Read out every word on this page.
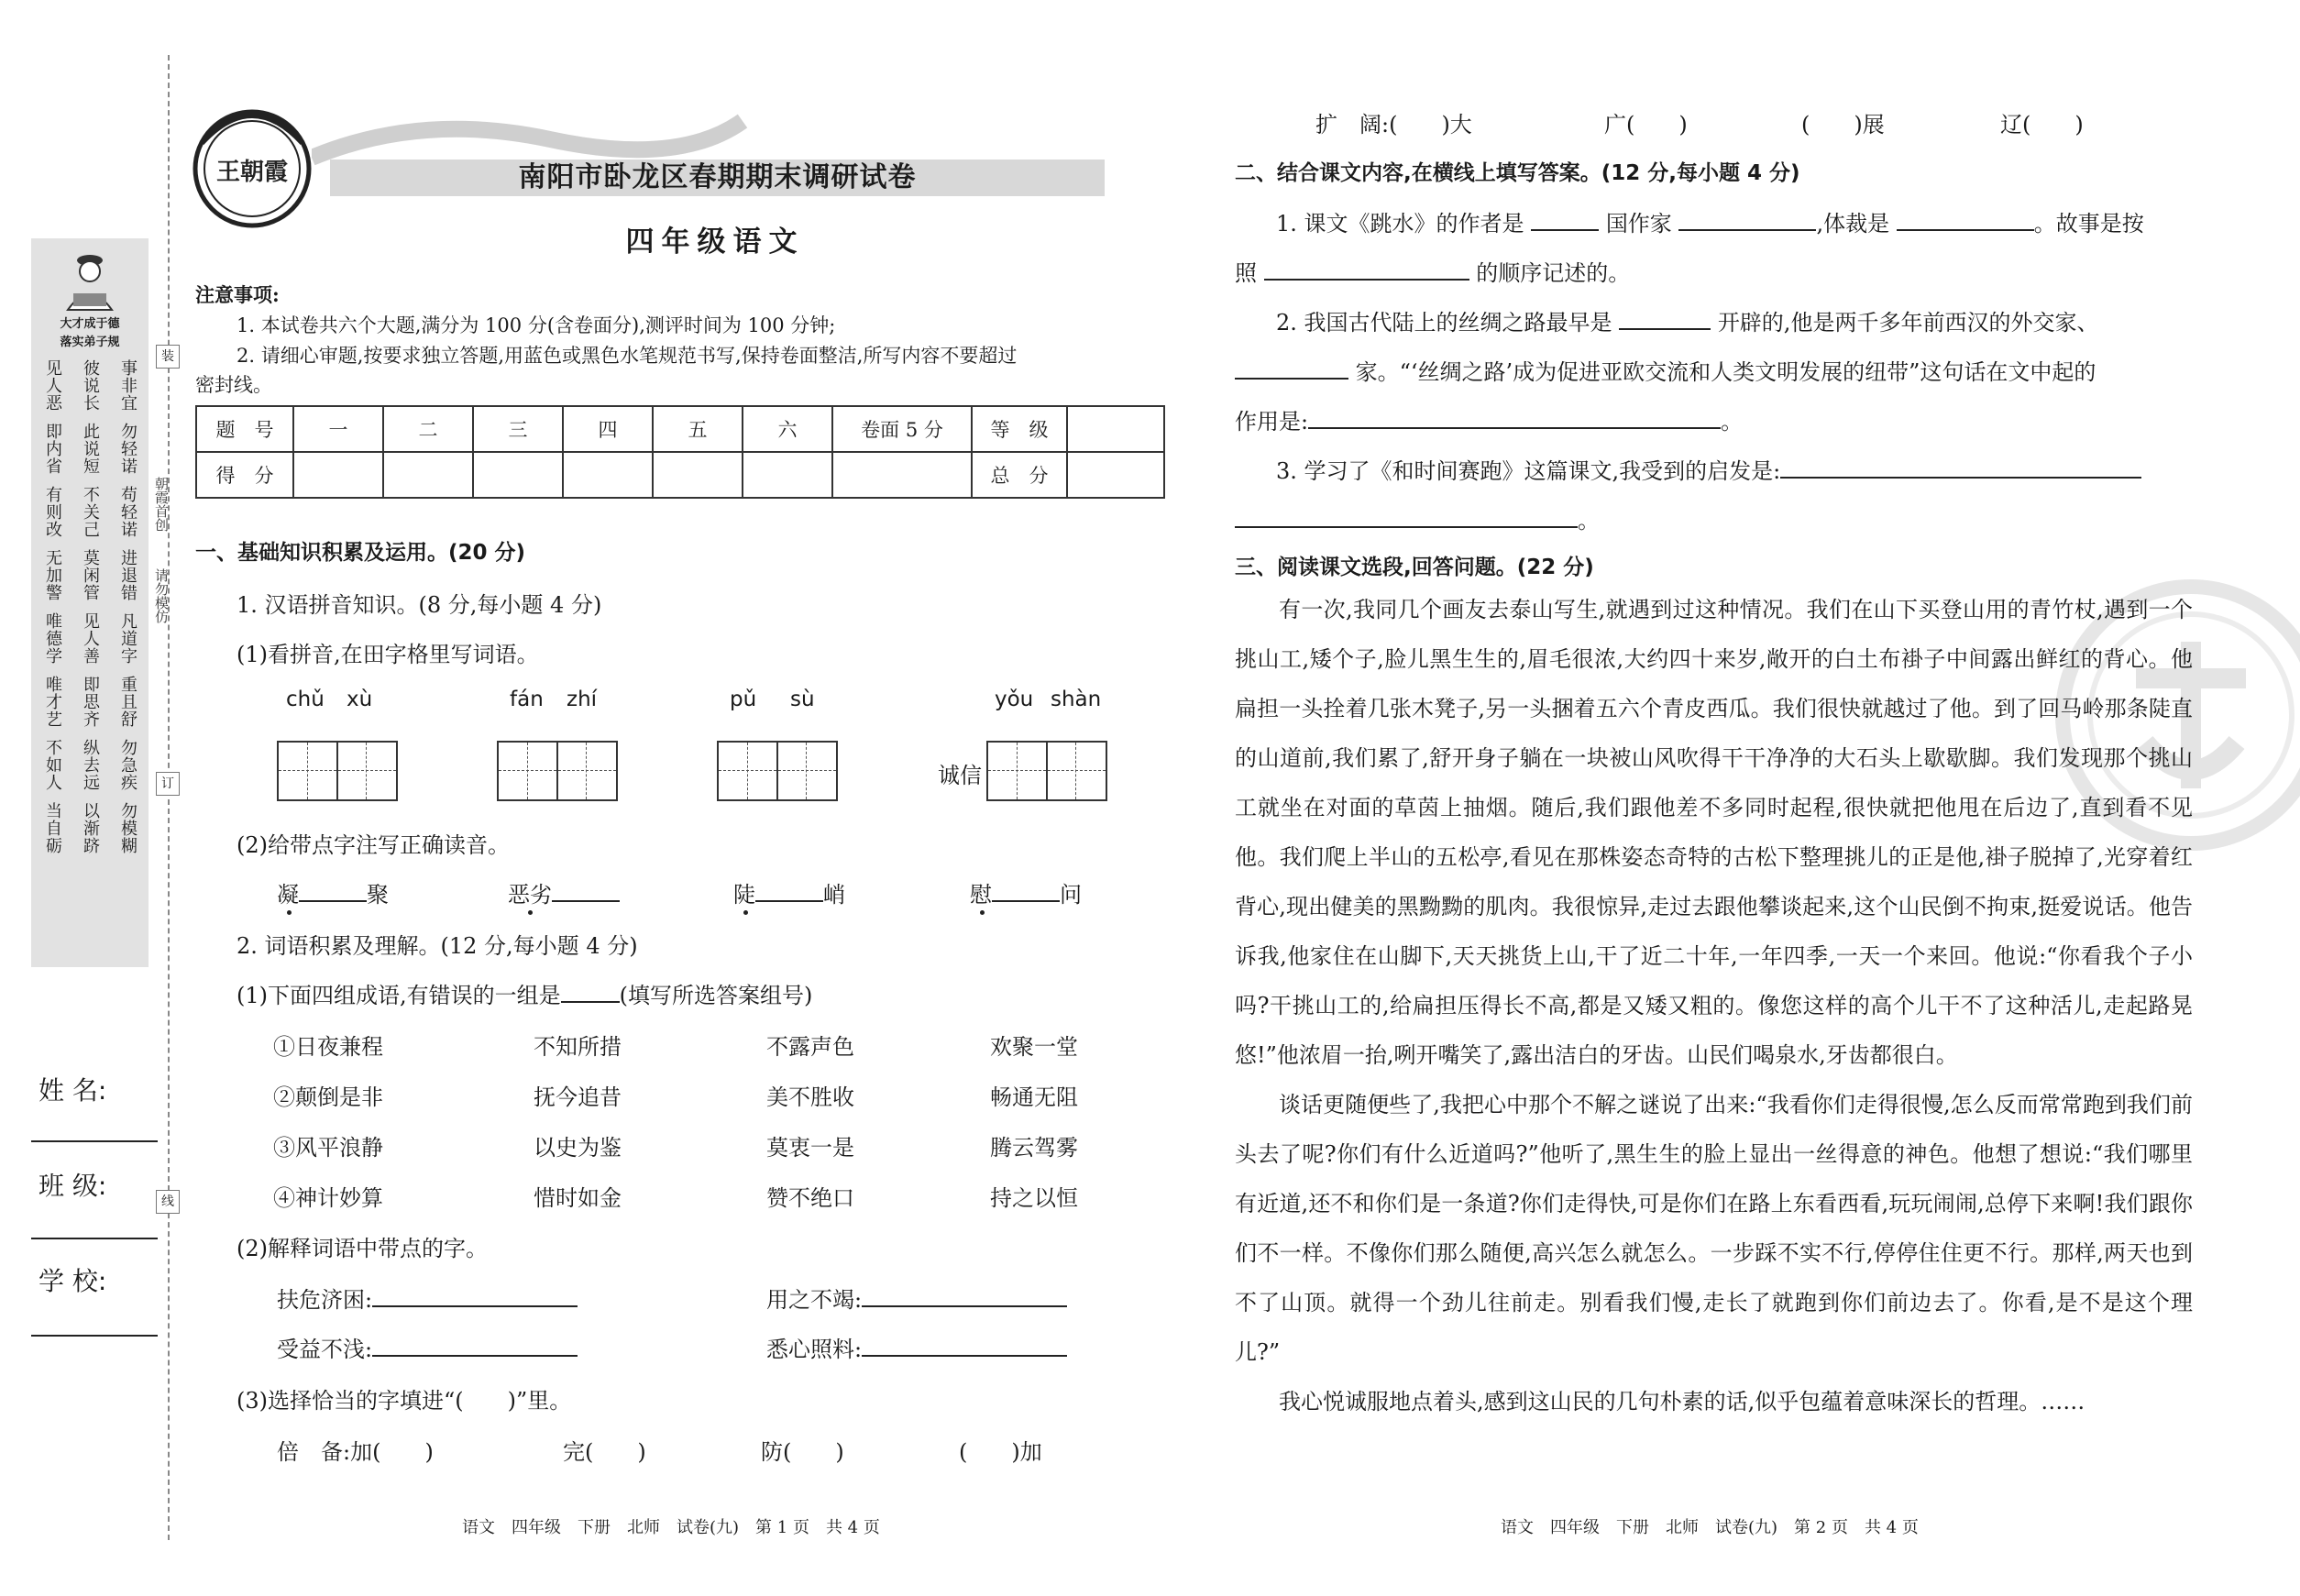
大才成于德
落实弟子规
见人恶 彼说长 事非宜
即内省 此说短 勿轻诺
有则改 不关己 苟轻诺
无加警 莫闲管 进退错
唯德学 见人善 凡道字
唯才艺 即思齐 重且舒
不如人 纵去远 勿急疾
当自砺 以渐跻 勿模糊
朝霞首创
请勿模仿
装
订
线
姓 名:
班 级:
学 校:
王朝霞	南阳市卧龙区春期期末调研试卷
四年级语文
注意事项:
1. 本试卷共六个大题,满分为 100 分(含卷面分),测评时间为 100 分钟;
2. 请细心审题,按要求独立答题,用蓝色或黑色水笔规范书写,保持卷面整洁,所写内容不要超过
密封线。
题　号	一	二	三	四	五	六	卷面 5 分	等　级	
得　分								总　分	
一、基础知识积累及运用。(20 分)
1. 汉语拼音知识。(8 分,每小题 4 分)
(1)看拼音,在田字格里写词语。
chǔ xù	fán zhí	pǔ sù	yǒu shàn
诚信
(2)给带点字注写正确读音。
凝	聚	恶劣	陡	峭	慰	问
2. 词语积累及理解。(12 分,每小题 4 分)
(1)下面四组成语,有错误的一组是	(填写所选答案组号)
①日夜兼程	不知所措	不露声色	欢聚一堂
②颠倒是非	抚今追昔	美不胜收	畅通无阻
③风平浪静	以史为鉴	莫衷一是	腾云驾雾
④神计妙算	惜时如金	赞不绝口	持之以恒
(2)解释词语中带点的字。
扶危济困:	用之不竭:
受益不浅:	悉心照料:
(3)选择恰当的字填进“(　　)”里。
倍　备:加(　　)	完(　　)	防(　　)	(　　)加
语文　四年级　下册　北师　试卷(九)　第 1 页　共 4 页
扩　阔:(　　)大	广(　　)	(　　)展	辽(　　)
二、结合课文内容,在横线上填写答案。(12 分,每小题 4 分)
1. 课文《跳水》的作者是	国作家	,体裁是	。故事是按
照	的顺序记述的。
2. 我国古代陆上的丝绸之路最早是	开辟的,他是两千多年前西汉的外交家、
家。“‘丝绸之路’成为促进亚欧交流和人类文明发展的纽带”这句话在文中起的
作用是:	。
3. 学习了《和时间赛跑》这篇课文,我受到的启发是:
。
三、阅读课文选段,回答问题。(22 分)

有一次,我同几个画友去泰山写生,就遇到过这种情况。我们在山下买登山用的青竹杖,遇到一个挑山工,矮个子,脸儿黑生生的,眉毛很浓,大约四十来岁,敞开的白土布褂子中间露出鲜红的背心。他扁担一头拴着几张木凳子,另一头捆着五六个青皮西瓜。我们很快就越过了他。到了回马岭那条陡直的山道前,我们累了,舒开身子躺在一块被山风吹得干干净净的大石头上歇歇脚。我们发现那个挑山工就坐在对面的草茵上抽烟。随后,我们跟他差不多同时起程,很快就把他甩在后边了,直到看不见他。我们爬上半山的五松亭,看见在那株姿态奇特的古松下整理挑儿的正是他,褂子脱掉了,光穿着红背心,现出健美的黑黝黝的肌肉。我很惊异,走过去跟他攀谈起来,这个山民倒不拘束,挺爱说话。他告诉我,他家住在山脚下,天天挑货上山,干了近二十年,一年四季,一天一个来回。他说:“你看我个子小吗?干挑山工的,给扁担压得长不高,都是又矮又粗的。像您这样的高个儿干不了这种活儿,走起路晃悠!”他浓眉一抬,咧开嘴笑了,露出洁白的牙齿。山民们喝泉水,牙齿都很白。

谈话更随便些了,我把心中那个不解之谜说了出来:“我看你们走得很慢,怎么反而常常跑到我们前头去了呢?你们有什么近道吗?”他听了,黑生生的脸上显出一丝得意的神色。他想了想说:“我们哪里有近道,还不和你们是一条道?你们走得快,可是你们在路上东看西看,玩玩闹闹,总停下来啊!我们跟你们不一样。不像你们那么随便,高兴怎么就怎么。一步踩不实不行,停停住住更不行。那样,两天也到不了山顶。就得一个劲儿往前走。别看我们慢,走长了就跑到你们前边去了。你看,是不是这个理儿?”

我心悦诚服地点着头,感到这山民的几句朴素的话,似乎包蕴着意味深长的哲理。……

语文　四年级　下册　北师　试卷(九)　第 2 页　共 4 页
